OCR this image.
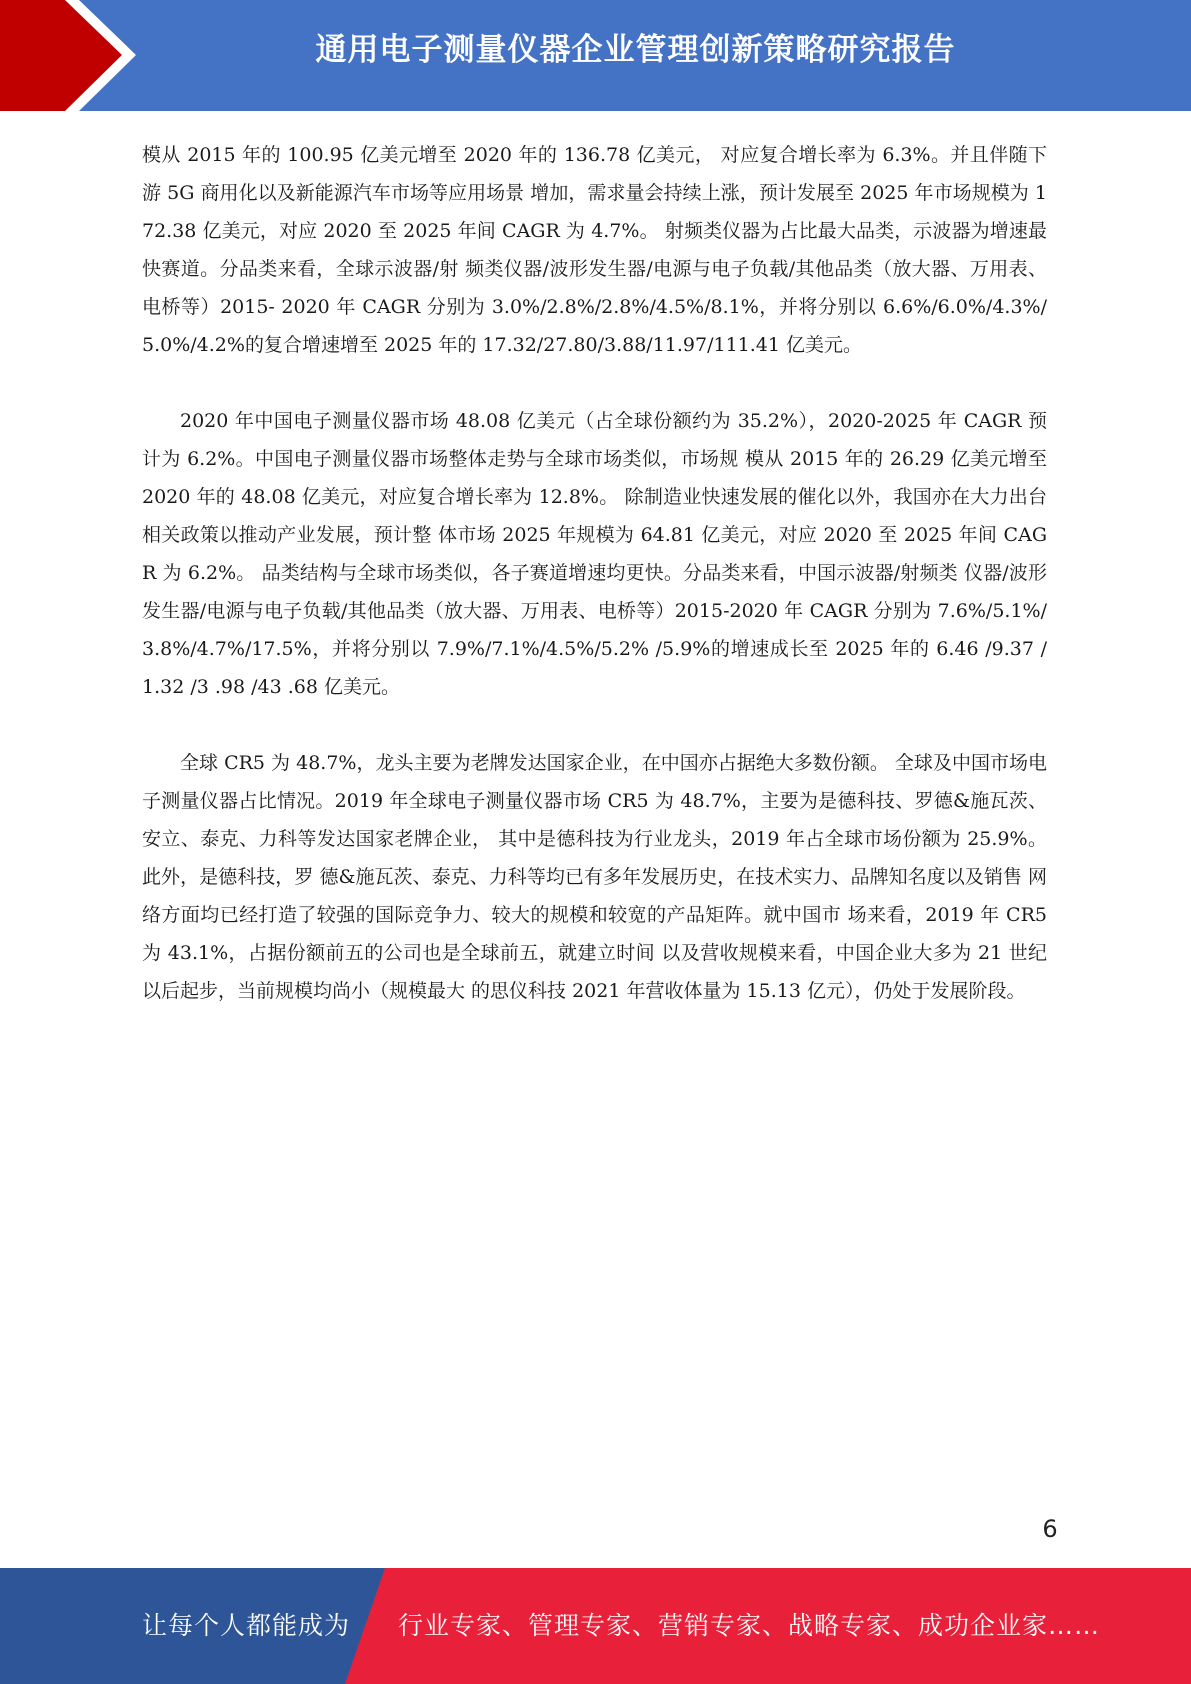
通用电子测量仪器企业管理创新策略研究报告

模从 2015 年的 100.95 亿美元增至 2020 年的 136.78 亿美元， 对应复合增长率为 6.3%。并且伴随下游 5G 商用化以及新能源汽车市场等应用场景 增加，需求量会持续上涨，预计发展至 2025 年市场规模为 172.38 亿美元，对应 2020 至 2025 年间 CAGR 为 4.7%。 射频类仪器为占比最大品类，示波器为增速最快赛道。分品类来看，全球示波器/射 频类仪器/波形发生器/电源与电子负载/其他品类（放大器、万用表、电桥等）2015- 2020 年 CAGR 分别为 3.0%/2.8%/2.8%/4.5%/8.1%，并将分别以 6.6%/6.0%/4.3%/ 5.0%/4.2%的复合增速增至 2025 年的 17.32/27.80/3.88/11.97/111.41 亿美元。

2020 年中国电子测量仪器市场 48.08 亿美元（占全球份额约为 35.2%），2020-2025 年 CAGR 预计为 6.2%。中国电子测量仪器市场整体走势与全球市场类似，市场规 模从 2015 年的 26.29 亿美元增至 2020 年的 48.08 亿美元，对应复合增长率为 12.8%。 除制造业快速发展的催化以外，我国亦在大力出台相关政策以推动产业发展，预计整 体市场 2025 年规模为 64.81 亿美元，对应 2020 至 2025 年间 CAGR 为 6.2%。 品类结构与全球市场类似，各子赛道增速均更快。分品类来看，中国示波器/射频类 仪器/波形发生器/电源与电子负载/其他品类（放大器、万用表、电桥等）2015-2020 年 CAGR 分别为 7.6%/5.1%/3.8%/4.7%/17.5%，并将分别以 7.9%/7.1%/4.5%/5.2% /5.9%的增速成长至 2025 年的 6.46 /9.37 / 1.32 /3 .98 /43 .68 亿美元。

全球 CR5 为 48.7%，龙头主要为老牌发达国家企业，在中国亦占据绝大多数份额。 全球及中国市场电子测量仪器占比情况。2019 年全球电子测量仪器市场 CR5 为 48.7%，主要为是德科技、罗德&施瓦茨、安立、泰克、力科等发达国家老牌企业， 其中是德科技为行业龙头，2019 年占全球市场份额为 25.9%。此外，是德科技，罗 德&施瓦茨、泰克、力科等均已有多年发展历史，在技术实力、品牌知名度以及销售 网络方面均已经打造了较强的国际竞争力、较大的规模和较宽的产品矩阵。就中国市 场来看，2019 年 CR5 为 43.1%，占据份额前五的公司也是全球前五，就建立时间 以及营收规模来看，中国企业大多为 21 世纪以后起步，当前规模均尚小（规模最大 的思仪科技 2021 年营收体量为 15.13 亿元），仍处于发展阶段。

6
让每个人都能成为 行业专家、管理专家、营销专家、战略专家、成功企业家……
